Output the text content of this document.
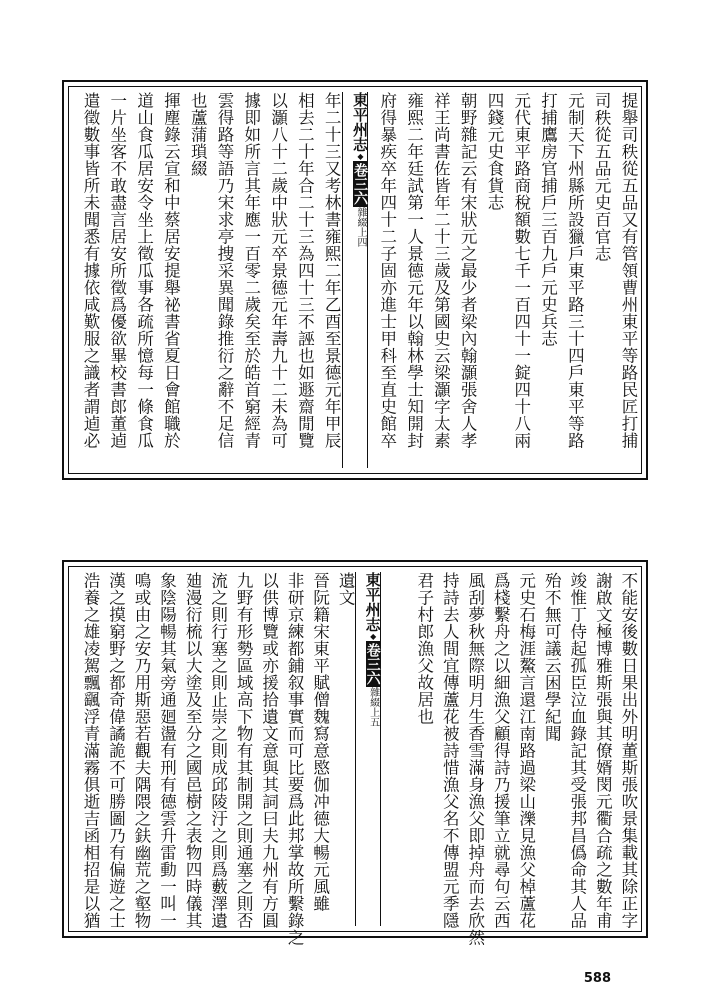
提舉司秩從五品又有管領曹州東平等路民匠打捕
司秩從五品元史百官志
元制天下州縣所設獵戶東平路三十四戶東平等路
打捕鷹房官捕戶三百九戶元史兵志
元代東平路商稅額數七千一百四十一錠四十八兩
四錢元史食貨志
朝野雜記云有宋狀元之最少者梁內翰灝張舍人孝
祥王尚書佐皆年二十三歲及第國史云梁灝字太素
雍熙二年廷試第一人景德元年以翰林學士知開封
府得暴疾卒年四十二子固亦進士甲科至直史館卒
東平州志◆卷三六雜綴上四
年二十三又考林書雍熙二年乙酉至景德元年甲辰
相去二十年合二十三為四十三不誣也如遯齋閒覽
以灝八十二歲中狀元卒景德元年壽九十二未為可
據即如所言其年應一百零二歲矣至於皓首窮經青
雲得路等語乃宋求亭捜采異聞錄推衍之辭不足信
也蘆蒲瑣綴
揮塵錄云宣和中蔡居安提舉祕書省夏日會館職於
道山食瓜居安令坐上徵瓜事各疏所憶每一條食瓜
一片坐客不敢盡言居安所徵爲優欲畢校書郎董逌
遣徵數事皆所未聞悉有據依咸歎服之識者謂逌必
不能安後數日果出外明董斯張吹景集載其除正字
謝啟文極博雅斯張與其僚婿閔元衢合疏之數年甫
竣惟丁侍起孤臣泣血錄記其受張邦昌僞命其人品
殆不無可議云困學紀聞
元史石梅涯鰲言還江南路過梁山濼見漁父棹蘆花
爲棧繫舟之以細漁父顧得詩乃援筆立就尋句云西
風刮夢秋無際明月生香雪滿身漁父即掉舟而去欣然
持詩去人間宜傳蘆花被詩惜漁父名不傳盟元季隱
君子村郎漁父故居也
東平州志◆卷三六雜綴上五
遺文
晉阮籍宋東平賦僧魏寫意愍伽冲德大暢元風雖
非研京練都鋪叙事實而可比要爲此邦掌故所繫錄之
以供博覽或亦援拾遺文意與其詞曰夫九州有方圓
九野有形勢區域高下物有其制開之則通塞之則否
流之則行塞之則止崇之則成邱陵汙之則爲藪澤遺
廸漫衍梳以大塗及至分之國邑樹之表物四時儀其
象陰陽暢其氣旁通廻盪有刑有德雲升雷動一叫一
鳴或由之安乃用斯惡若觀夫隅隈之鈇幽荒之壑物
漢之摸窮野之都奇偉譎詭不可勝圖乃有偏遊之士
浩養之雄凌駕飄颻浮青滿霧俱逝吉函相招是以猶
588
